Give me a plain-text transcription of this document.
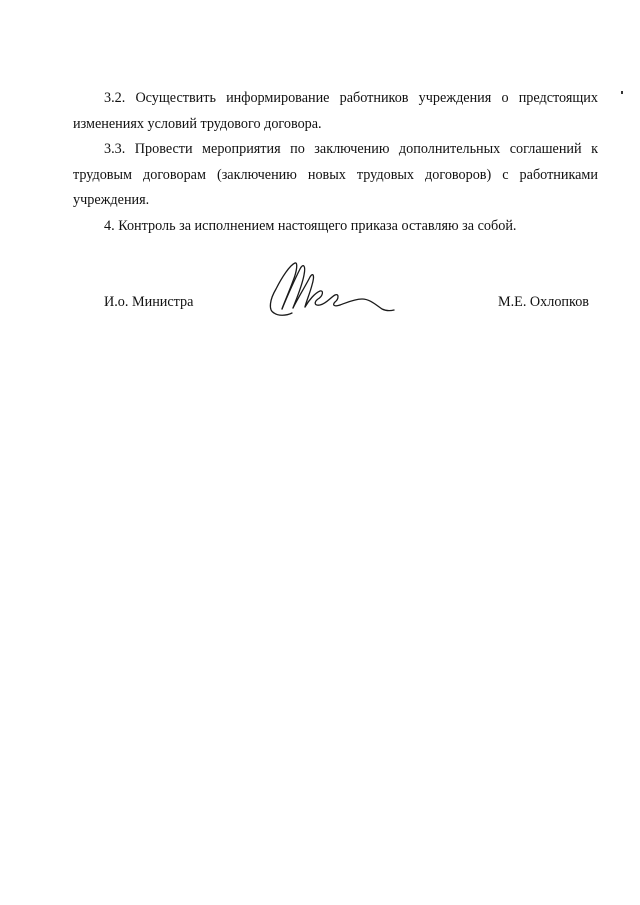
3.2. Осуществить информирование работников учреждения о предстоящих изменениях условий трудового договора.

3.3. Провести мероприятия по заключению дополнительных соглашений к трудовым договорам (заключению новых трудовых договоров) с работниками учреждения.

4. Контроль за исполнением настоящего приказа оставляю за собой.

И.о. Министра	М.Е. Охлопков
